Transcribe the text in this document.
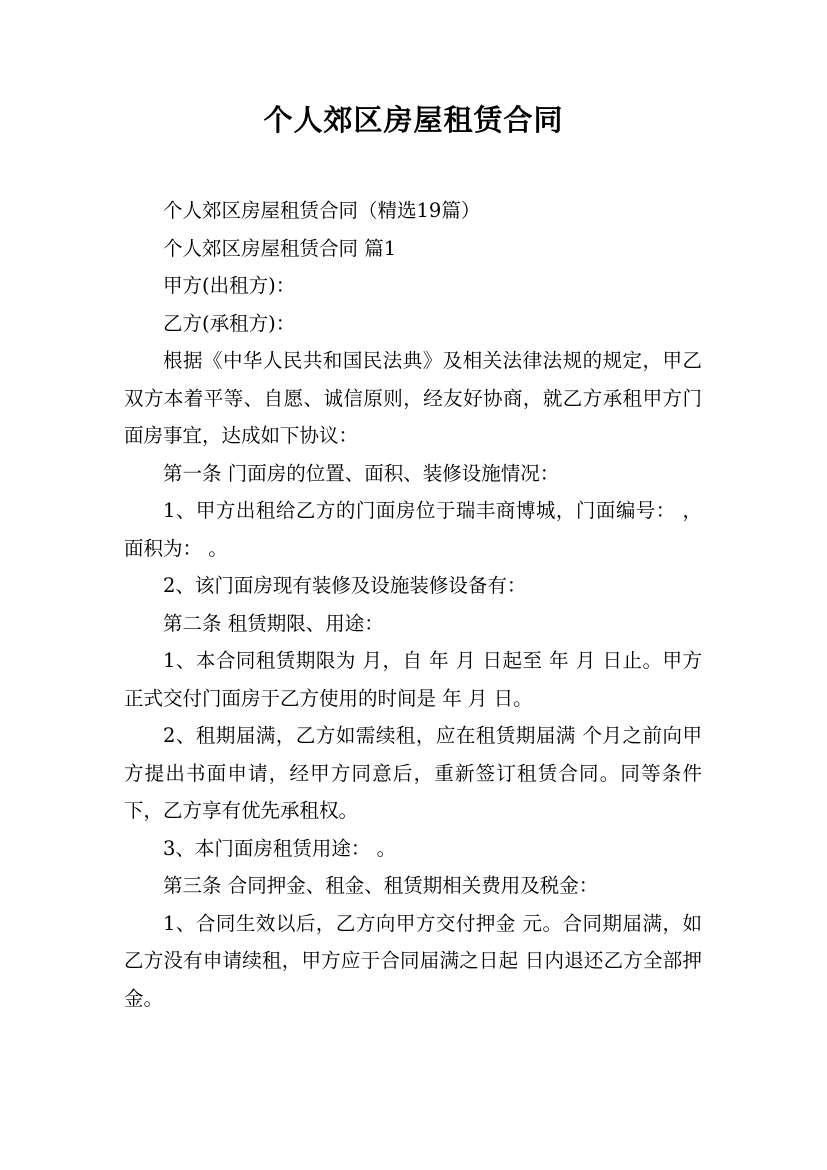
个人郊区房屋租赁合同

个人郊区房屋租赁合同（精选19篇）

个人郊区房屋租赁合同 篇1

甲方(出租方)：

乙方(承租方)：

根据《中华人民共和国民法典》及相关法律法规的规定，甲乙双方本着平等、自愿、诚信原则，经友好协商，就乙方承租甲方门面房事宜，达成如下协议：

第一条 门面房的位置、面积、装修设施情况：

1、甲方出租给乙方的门面房位于瑞丰商博城，门面编号： ，面积为： 。

2、该门面房现有装修及设施装修设备有：

第二条 租赁期限、用途：

1、本合同租赁期限为 月，自 年 月 日起至 年 月 日止。甲方正式交付门面房于乙方使用的时间是 年 月 日。

2、租期届满，乙方如需续租，应在租赁期届满 个月之前向甲方提出书面申请，经甲方同意后，重新签订租赁合同。同等条件下，乙方享有优先承租权。

3、本门面房租赁用途： 。

第三条 合同押金、租金、租赁期相关费用及税金：

1、合同生效以后，乙方向甲方交付押金 元。合同期届满，如乙方没有申请续租，甲方应于合同届满之日起 日内退还乙方全部押金。
